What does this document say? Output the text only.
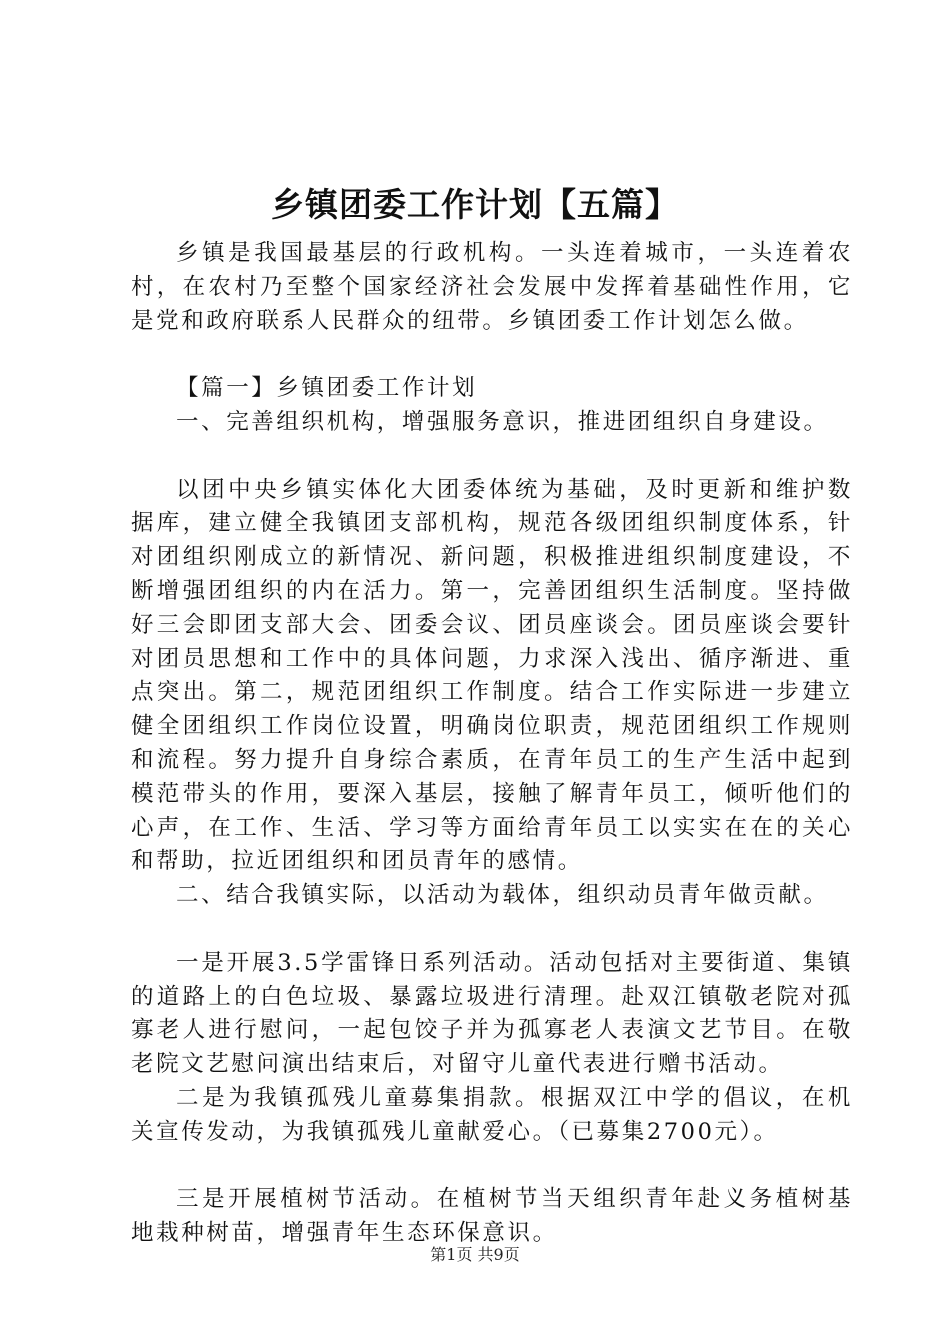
乡镇团委工作计划【五篇】

乡镇是我国最基层的行政机构。一头连着城市，一头连着农村，在农村乃至整个国家经济社会发展中发挥着基础性作用，它是党和政府联系人民群众的纽带。乡镇团委工作计划怎么做。

【篇一】乡镇团委工作计划

一、完善组织机构，增强服务意识，推进团组织自身建设。

以团中央乡镇实体化大团委体统为基础，及时更新和维护数据库，建立健全我镇团支部机构，规范各级团组织制度体系，针对团组织刚成立的新情况、新问题，积极推进组织制度建设，不断增强团组织的内在活力。第一，完善团组织生活制度。坚持做好三会即团支部大会、团委会议、团员座谈会。团员座谈会要针对团员思想和工作中的具体问题，力求深入浅出、循序渐进、重点突出。第二，规范团组织工作制度。结合工作实际进一步建立健全团组织工作岗位设置，明确岗位职责，规范团组织工作规则和流程。努力提升自身综合素质，在青年员工的生产生活中起到模范带头的作用，要深入基层，接触了解青年员工，倾听他们的心声，在工作、生活、学习等方面给青年员工以实实在在的关心和帮助，拉近团组织和团员青年的感情。

二、结合我镇实际，以活动为载体，组织动员青年做贡献。

一是开展3.5学雷锋日系列活动。活动包括对主要街道、集镇的道路上的白色垃圾、暴露垃圾进行清理。赴双江镇敬老院对孤寡老人进行慰问，一起包饺子并为孤寡老人表演文艺节目。在敬老院文艺慰问演出结束后，对留守儿童代表进行赠书活动。

二是为我镇孤残儿童募集捐款。根据双江中学的倡议，在机关宣传发动，为我镇孤残儿童献爱心。（已募集2700元）。

三是开展植树节活动。在植树节当天组织青年赴义务植树基地栽种树苗，增强青年生态环保意识。

第1页 共9页
